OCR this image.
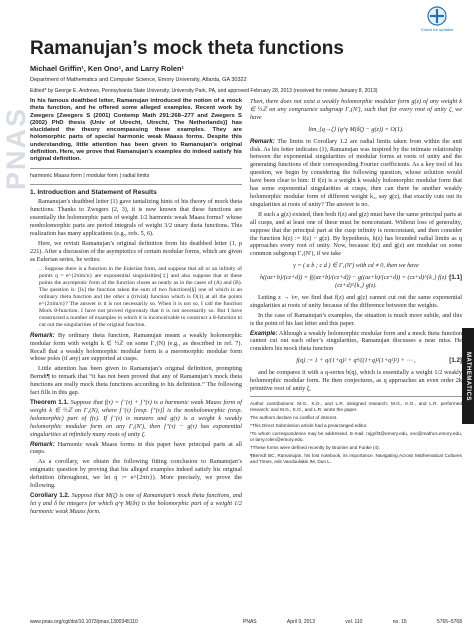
PNAS
Check for updates
MATHEMATICS
Ramanujan’s mock theta functions
Michael Griffin¹, Ken Ono¹, and Larry Rolen¹
Department of Mathematics and Computer Science, Emory University, Atlanta, GA 30322
Edited* by George E. Andrews, Pennsylvania State University, University Park, PA, and approved February 28, 2013 (received for review January 8, 2013)

In his famous deathbed letter, Ramanujan introduced the notion of a mock theta function, and he offered some alleged examples. Recent work by Zwegers [Zwegers S (2001) Contemp Math 291:268–277 and Zwegers S (2002) PhD thesis (Univ of Utrecht, Utrecht, The Netherlands)] has elucidated the theory encompassing these examples. They are holomorphic parts of special harmonic weak Maass forms. Despite this understanding, little attention has been given to Ramanujan’s original definition. Here, we prove that Ramanujan’s examples do indeed satisfy his original definition.

harmonic Maass form | modular form | radial limits
1. Introduction and Statement of Results

Ramanujan’s deathbed letter (1) gave tantalizing hints of his theory of mock theta functions. Thanks to Zwegers (2, 3), it is now known that these functions are essentially the holomorphic parts of weight 1/2 harmonic weak Maass forms† whose nonholomorphic parts are period integrals of weight 3/2 unary theta functions. This realization has many applications (e.g., refs. 5, 6).

Here, we revisit Ramanujan’s original definition from his deathbed letter (1, p 221). After a discussion of the asymptotics of certain modular forms, which are given as Eulerian series, he writes:

…Suppose there is a function in the Eulerian form, and suppose that all or an infinity of points q = e^{2πim/n} are exponential singularities[‡] and also suppose that at these points the asymptotic form of the function closes as neatly as in the cases of (A) and (B). The question is: [Is] the function taken the sum of two functions[§] one of which is an ordinary theta function and the other a (trivial) function which is O(1) at all the points e^{2πim/n}? The answer is it is not necessarily so. When it is not so, I call the function Mock θ-function. I have not proved rigorously that it is not necessarily so. But I have constructed a number of examples in which it is inconceivable to construct a θ-function to cut out the singularities of the original function.

Remark: By ordinary theta function, Ramanujan meant a weakly holomorphic modular form with weight k ∈ ½ℤ on some Γ₁(N) (e.g., as described in ref. 7). Recall that a weakly holomorphic modular form is a meromorphic modular form whose poles (if any) are supported at cusps.

Little attention has been given to Ramanujan’s original definition, prompting Berndt¶ to remark that “it has not been proved that any of Ramanujan’s mock theta functions are really mock theta functions according to his definition.” The following fact fills in this gap.

Theorem 1.1. Suppose that f(τ) = f⁻(τ) + f⁺(τ) is a harmonic weak Maass form of weight k ∈ ½ℤ on Γ₁(N), where f⁻(τ) [resp. f⁺(τ)] is the nonholomorphic (resp. holomorphic) part of f(τ). If f⁻(τ) is nonzero and g(τ) is a weight k weakly holomorphic modular form on any Γ₁(N′), then f⁺(τ) − g(τ) has exponential singularities at infinitely many roots of unity ζ.

Remark: Harmonic weak Maass forms in this paper have principal parts at all cusps.

As a corollary, we obtain the following fitting conclusion to Ramanujan’s enigmatic question by proving that his alleged examples indeed satisfy his original definition (throughout, we let q := e^{2πiτ}). More precisely, we prove the following.

Corollary 1.2. Suppose that M(ζ) is one of Ramanujan’s mock theta functions, and let γ and δ be integers for which q^γ M(δτ) is the holomorphic part of a weight 1/2 harmonic weak Maass form.

Then, there does not exist a weakly holomorphic modular form g(z) of any weight k ∈ ½ℤ on any congruence subgroup Γ₁(N′), such that for every root of unity ζ, we have

lim_{q→ζ} (q^γ M(δζ) − g(z)) = O(1).

Remark: The limits in Corollary 1.2 are radial limits taken from within the unit disk. As his letter indicates (1), Ramanujan was inspired by the intimate relationship between the exponential singularities of modular forms at roots of unity and the generating functions of their corresponding Fourier coefficients. As a key tool of his question, we begin by considering the following question, whose solution would have been clear to him: If f(z) is a weight k weakly holomorphic modular form that has some exponential singularities at cusps, then can there be another weakly holomorphic modular form of different weight k₂, say g(z), that exactly cuts out its singularities at roots of unity? The answer is no.

If such a g(z) existed, then both f(z) and g(z) must have the same principal parts at all cusps, and at least one of these must be nonconstant. Without loss of generality, suppose that the principal part at the cusp infinity is nonconstant, and then consider the function h(z) := f(z) − g(z). By hypothesis, h(z) has bounded radial limits as q approaches every root of unity. Now, because f(z) and g(z) are modular on some common subgroup Γ₁(N′), if we take

γ = ( a b ; c d ) ∈ Γ₁(N′) with cd ≠ 0, then we have
h((az+b)/(cz+d)) = f((az+b)/(cz+d)) − g((az+b)/(cz+d)) = (cz+d)^{k₁} f(z) − (cz+d)^{k₂} g(z).
[1.1]

Letting z → i∞, we find that f(z) and g(z) cannot cut out the same exponential singularities at roots of unity because of the difference between the weights.

In the case of Ramanujan’s examples, the situation is much more subtle, and this is the point of his last letter and this paper.

Example: Although a weakly holomorphic modular form and a mock theta function cannot cut out each other’s singularities, Ramanujan discusses a near miss. He considers his mock theta function

f(q) := 1 + q/(1+q)² + q⁴/((1+q)²(1+q²)²) + ⋯ ,	[1.2]

and he compares it with a q-series b(q), which is essentially a weight 1/2 weakly holomorphic modular form. He then conjectures, as q approaches an even order 2k primitive root of unity ζ,

Author contributions: M.G., K.O., and L.R. designed research; M.G., K.O., and L.R. performed research; and M.G., K.O., and L.R. wrote the paper.

The authors declare no conflict of interest.

*This Direct Submission article had a prearranged editor.

¹To whom correspondence may be addressed. E-mail: mjgrif3@emory.edu, ono@mathcs.emory.edu, or larry.rolen@emory.edu.

†These forms were defined recently by Bruinier and Funke (4).

¶Berndt BC, Ramanujan, his lost notebook, its importance. Navigating Across Mathematical Cultures and Times, eds Vandoulakis IM, Dun L.

www.pnas.org/cgi/doi/10.1073/pnas.1300345110	PNAS	April 9, 2013	vol. 110	no. 15	5765–5768
